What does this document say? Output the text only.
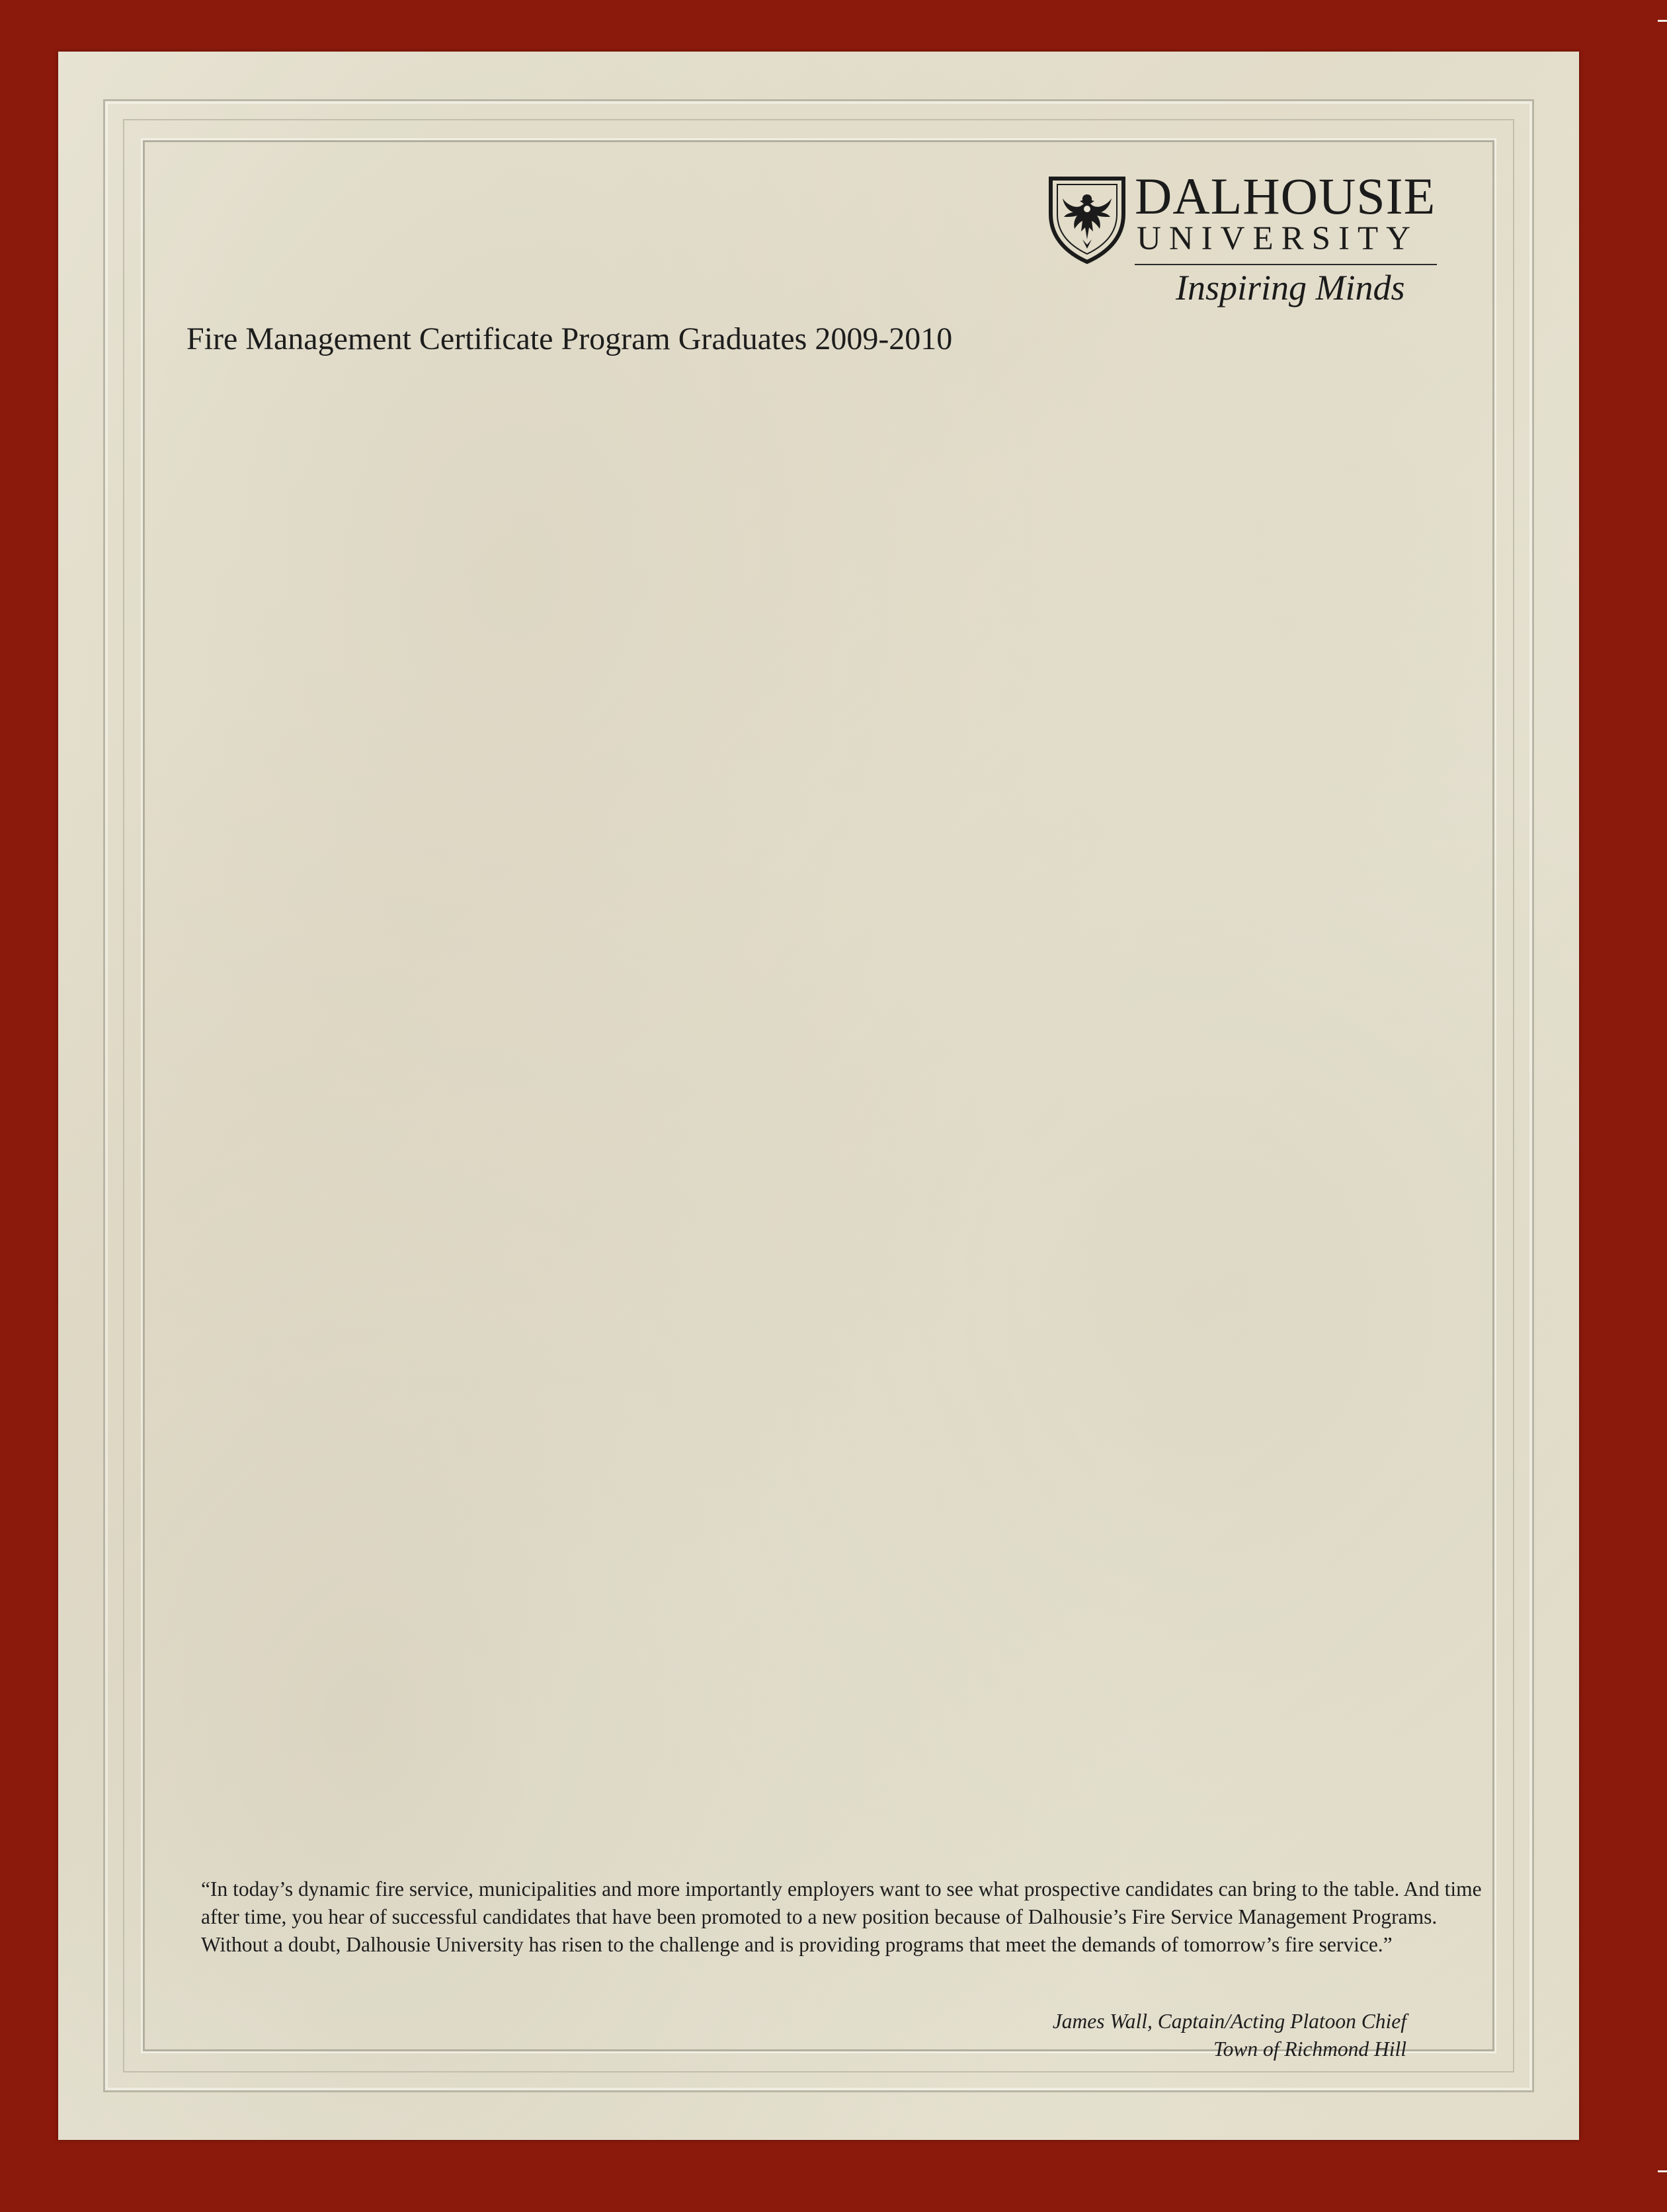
DALHOUSIE
UNIVERSITY
Inspiring Minds
Fire Management Certificate Program Graduates 2009-2010
“In today’s dynamic fire service, municipalities and more importantly employers want to see what prospective candidates can bring to the table. And time after time, you hear of successful candidates that have been promoted to a new position because of Dalhousie’s Fire Service Management Programs. Without a doubt, Dalhousie University has risen to the challenge and is providing programs that meet the demands of tomorrow’s fire service.”
James Wall, Captain/Acting Platoon Chief
Town of Richmond Hill
